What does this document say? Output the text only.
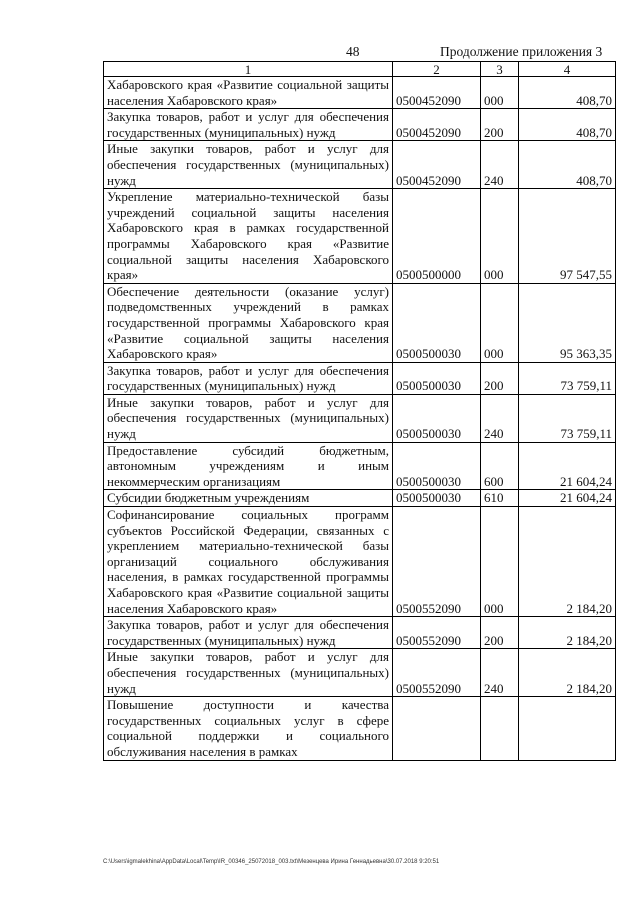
48	Продолжение приложения 3
1	2	3	4
Хабаровского края «Развитие социальной защиты населения Хабаровского края»	0500452090	000	408,70
Закупка товаров, работ и услуг для обеспечения государственных (муниципальных) нужд	0500452090	200	408,70
Иные закупки товаров, работ и услуг для обеспечения государственных (муниципальных) нужд	0500452090	240	408,70
Укрепление материально-технической базы учреждений социальной защиты населения Хабаровского края в рамках государственной программы Хабаровского края «Развитие социальной защиты населения Хабаровского края»	0500500000	000	97 547,55
Обеспечение деятельности (оказание услуг) подведомственных учреждений в рамках государственной программы Хабаровского края «Развитие социальной защиты населения Хабаровского края»	0500500030	000	95 363,35
Закупка товаров, работ и услуг для обеспечения государственных (муниципальных) нужд	0500500030	200	73 759,11
Иные закупки товаров, работ и услуг для обеспечения государственных (муниципальных) нужд	0500500030	240	73 759,11
Предоставление субсидий бюджетным, автономным учреждениям и иным некоммерческим организациям	0500500030	600	21 604,24
Субсидии бюджетным учреждениям	0500500030	610	21 604,24
Софинансирование социальных программ субъектов Российской Федерации, связанных с укреплением материально-технической базы организаций социального обслуживания населения, в рамках государственной программы Хабаровского края «Развитие социальной защиты населения Хабаровского края»	0500552090	000	2 184,20
Закупка товаров, работ и услуг для обеспечения государственных (муниципальных) нужд	0500552090	200	2 184,20
Иные закупки товаров, работ и услуг для обеспечения государственных (муниципальных) нужд	0500552090	240	2 184,20
Повышение доступности и качества государственных социальных услуг в сфере социальной поддержки и социального обслуживания населения в рамках			
C:\Users\igmalekhina\AppData\Local\Temp\IR_00346_25072018_003.txt\Мезенцева Ирина Геннадьевна\30.07.2018 9:20:51
